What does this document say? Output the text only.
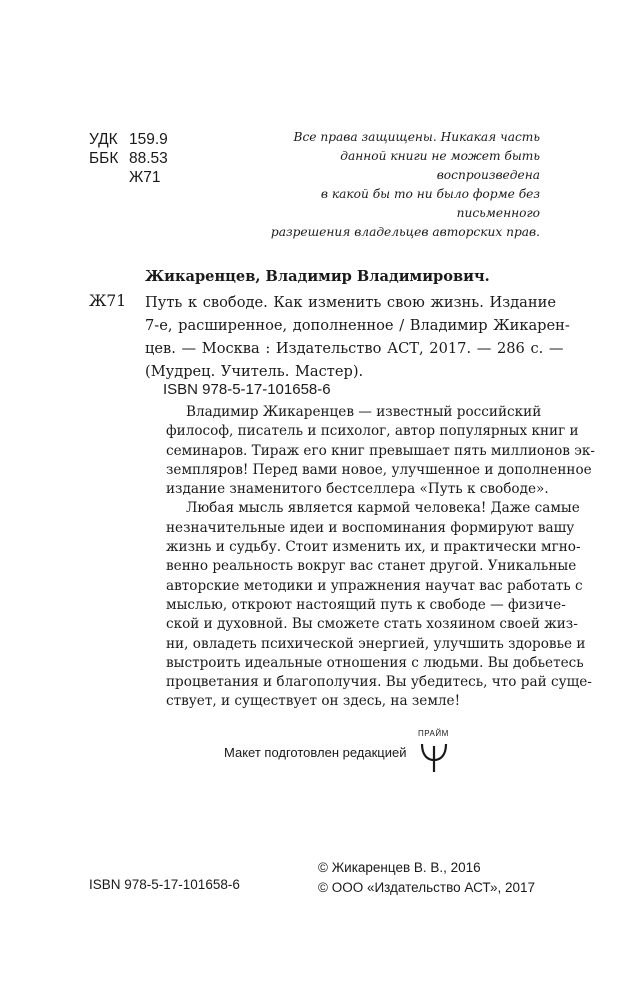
УДК 159.9
ББК 88.53
Ж71
Все права защищены. Никакая часть
данной книги не может быть воспроизведена
в какой бы то ни было форме без письменного
разрешения владельцев авторских прав.
Жикаренцев, Владимир Владимирович.
Ж71 Путь к свободе. Как изменить свою жизнь. Издание
7-е, расширенное, дополненное / Владимир Жикарен-
цев. — Москва : Издательство АСТ, 2017. — 286 с. —
(Мудрец. Учитель. Мастер).
ISBN 978-5-17-101658-6

Владимир Жикаренцев — известный российский
философ, писатель и психолог, автор популярных книг и
семинаров. Тираж его книг превышает пять миллионов эк-
земпляров! Перед вами новое, улучшенное и дополненное
издание знаменитого бестселлера «Путь к свободе».

Любая мысль является кармой человека! Даже самые
незначительные идеи и воспоминания формируют вашу
жизнь и судьбу. Стоит изменить их, и практически мгно-
венно реальность вокруг вас станет другой. Уникальные
авторские методики и упражнения научат вас работать с
мыслью, откроют настоящий путь к свободе — физиче-
ской и духовной. Вы сможете стать хозяином своей жиз-
ни, овладеть психической энергией, улучшить здоровье и
выстроить идеальные отношения с людьми. Вы добьетесь
процветания и благополучия. Вы убедитесь, что рай суще-
ствует, и существует он здесь, на земле!

Макет подготовлен редакцией
ПРАЙМ
© Жикаренцев В. В., 2016
© ООО «Издательство АСТ», 2017
ISBN 978-5-17-101658-6
